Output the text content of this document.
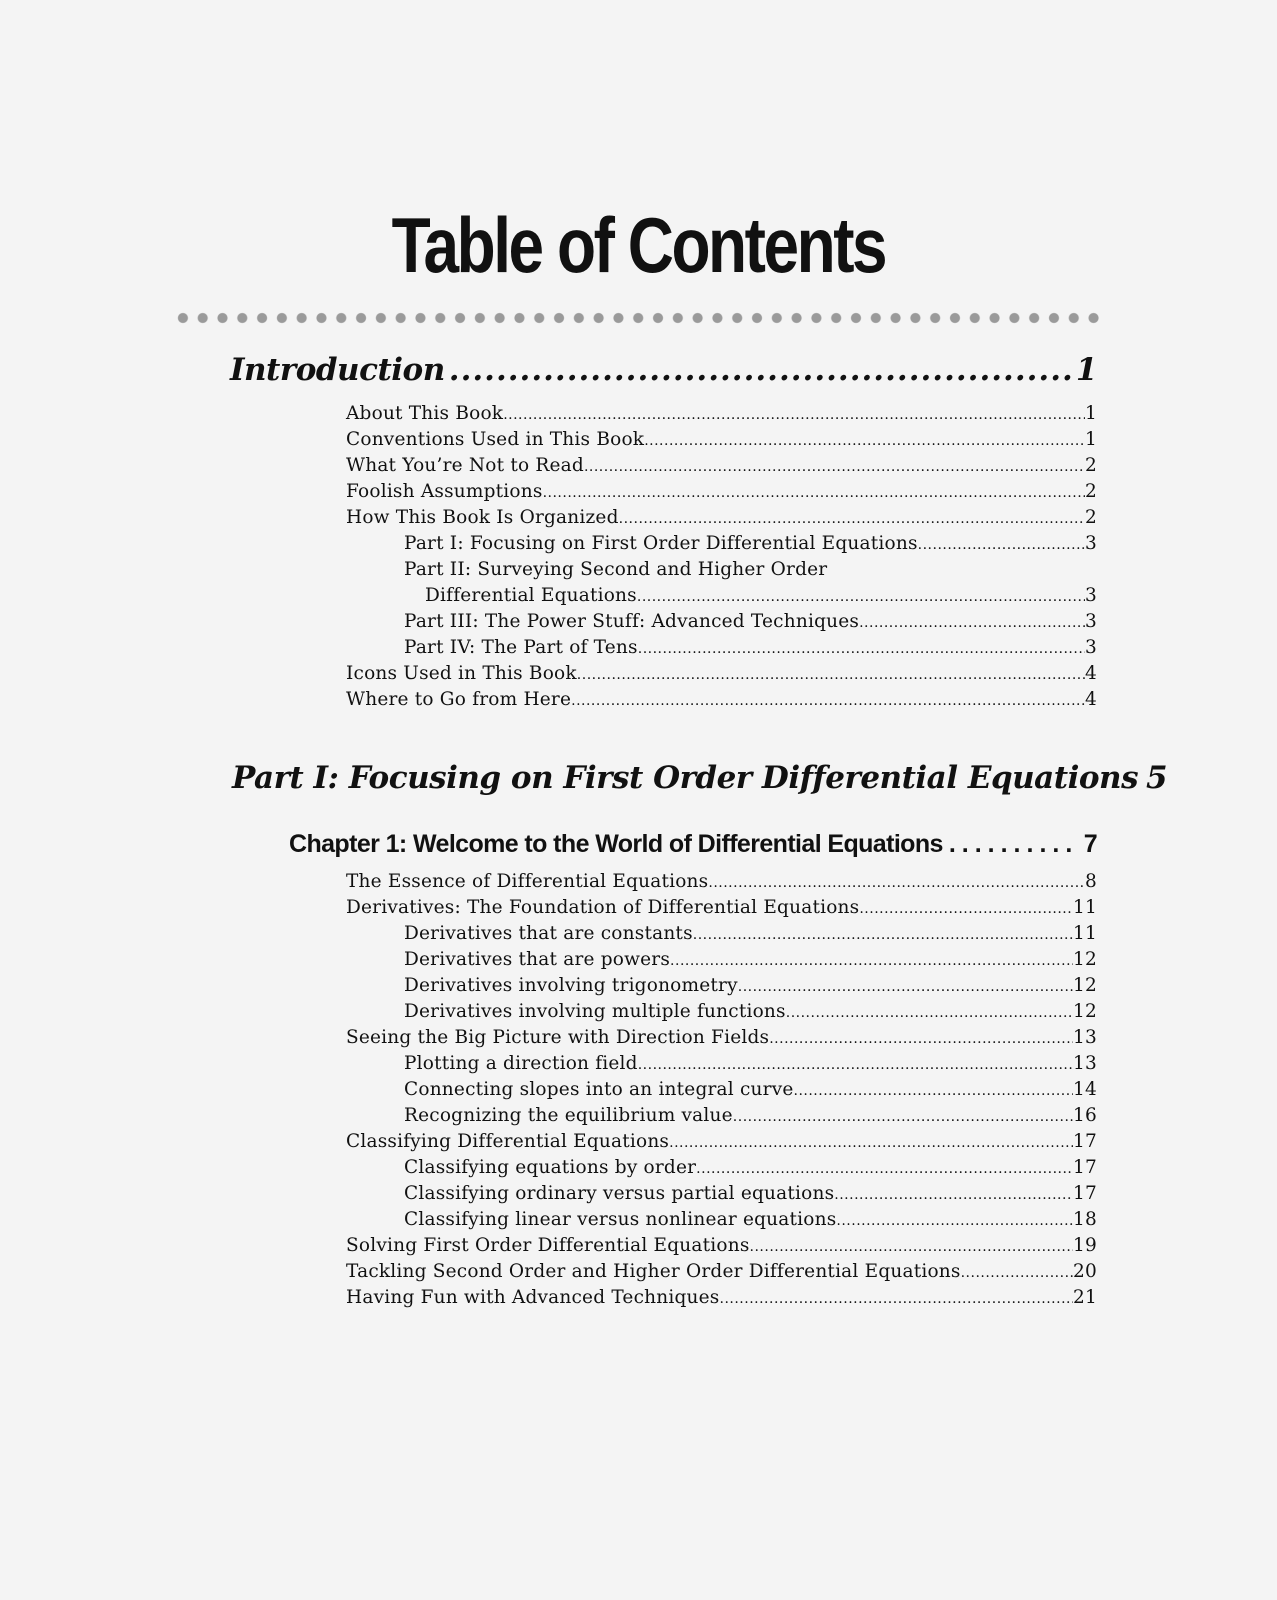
Table of Contents
Introduction .....	1
About This Book .....	1
Conventions Used in This Book .....	1
What You’re Not to Read .....	2
Foolish Assumptions .....	2
How This Book Is Organized .....	2
Part I: Focusing on First Order Differential Equations .....	3
Part II: Surveying Second and Higher Order
Differential Equations .....	3
Part III: The Power Stuff: Advanced Techniques .....	3
Part IV: The Part of Tens .....	3
Icons Used in This Book .....	4
Where to Go from Here .....	4
Part I: Focusing on First Order Differential Equations 5
Chapter 1: Welcome to the World of Differential Equations .....	7
The Essence of Differential Equations .....	8
Derivatives: The Foundation of Differential Equations .....	11
Derivatives that are constants .....	11
Derivatives that are powers .....	12
Derivatives involving trigonometry .....	12
Derivatives involving multiple functions .....	12
Seeing the Big Picture with Direction Fields .....	13
Plotting a direction field .....	13
Connecting slopes into an integral curve .....	14
Recognizing the equilibrium value .....	16
Classifying Differential Equations .....	17
Classifying equations by order .....	17
Classifying ordinary versus partial equations .....	17
Classifying linear versus nonlinear equations .....	18
Solving First Order Differential Equations .....	19
Tackling Second Order and Higher Order Differential Equations .....	20
Having Fun with Advanced Techniques .....	21
